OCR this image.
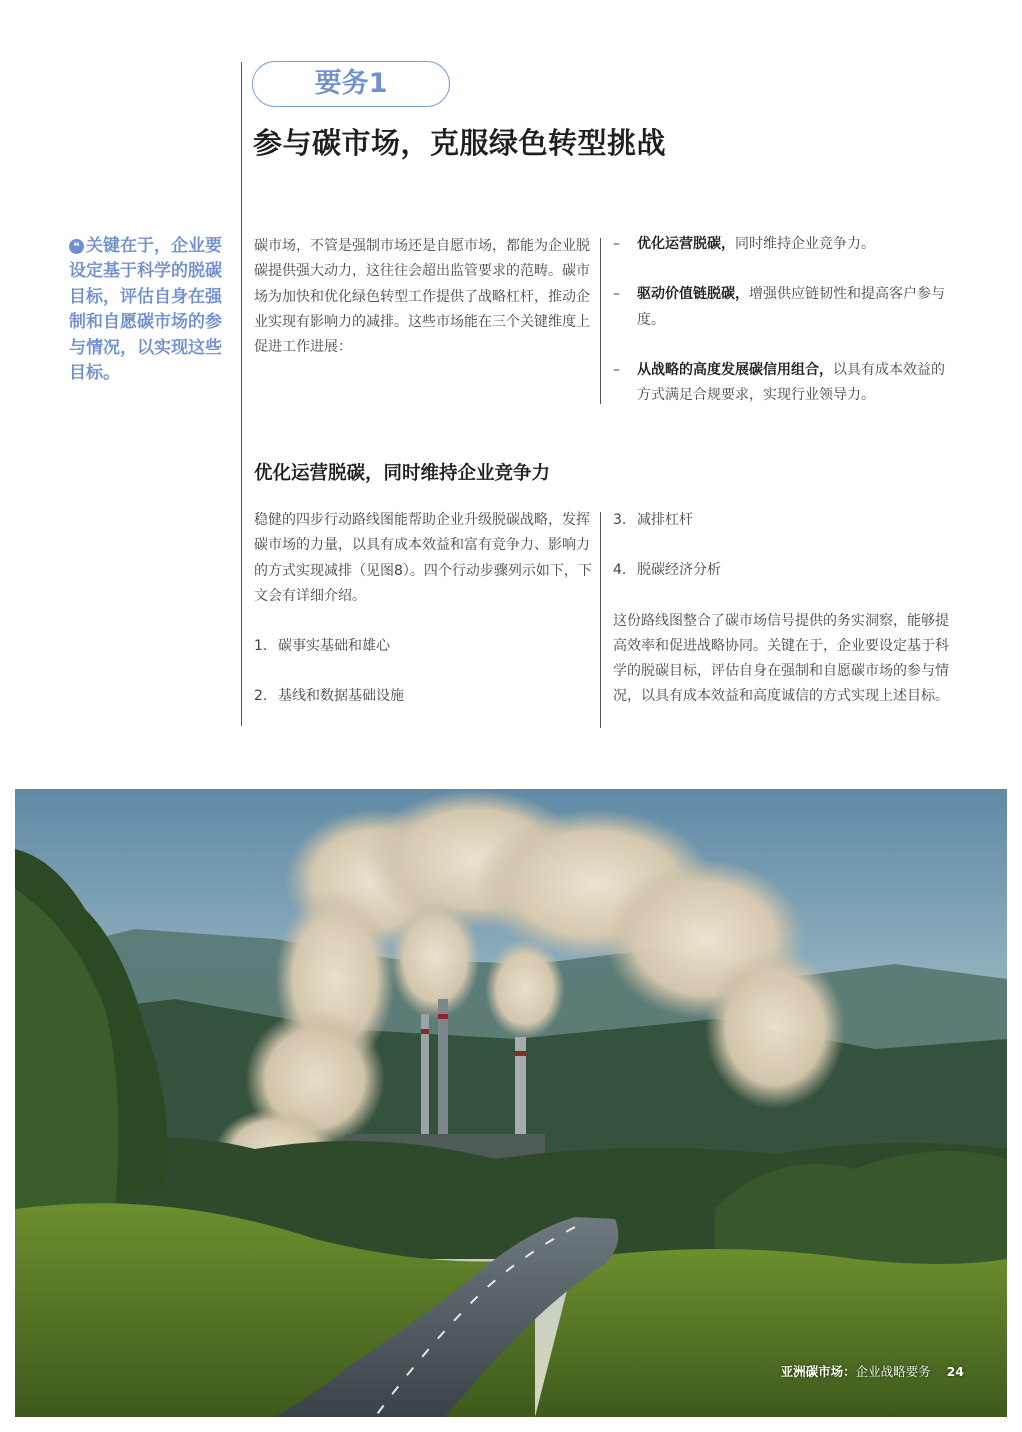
要务1
参与碳市场，克服绿色转型挑战
❝ 关键在于，企业要设定基于科学的脱碳目标，评估自身在强制和自愿碳市场的参与情况，以实现这些目标。

碳市场，不管是强制市场还是自愿市场，都能为企业脱碳提供强大动力，这往往会超出监管要求的范畴。碳市场为加快和优化绿色转型工作提供了战略杠杆，推动企业实现有影响力的减排。这些市场能在三个关键维度上促进工作进展：

–	优化运营脱碳，同时维持企业竞争力。
–	驱动价值链脱碳，增强供应链韧性和提高客户参与度。
–	从战略的高度发展碳信用组合，以具有成本效益的方式满足合规要求，实现行业领导力。
优化运营脱碳，同时维持企业竞争力

稳健的四步行动路线图能帮助企业升级脱碳战略，发挥碳市场的力量，以具有成本效益和富有竞争力、影响力的方式实现减排（见图8）。四个行动步骤列示如下，下文会有详细介绍。

1. 碳事实基础和雄心
2. 基线和数据基础设施
3. 减排杠杆
4. 脱碳经济分析

这份路线图整合了碳市场信号提供的务实洞察，能够提高效率和促进战略协同。关键在于，企业要设定基于科学的脱碳目标，评估自身在强制和自愿碳市场的参与情况，以具有成本效益和高度诚信的方式实现上述目标。

亚洲碳市场：企业战略要务 24
